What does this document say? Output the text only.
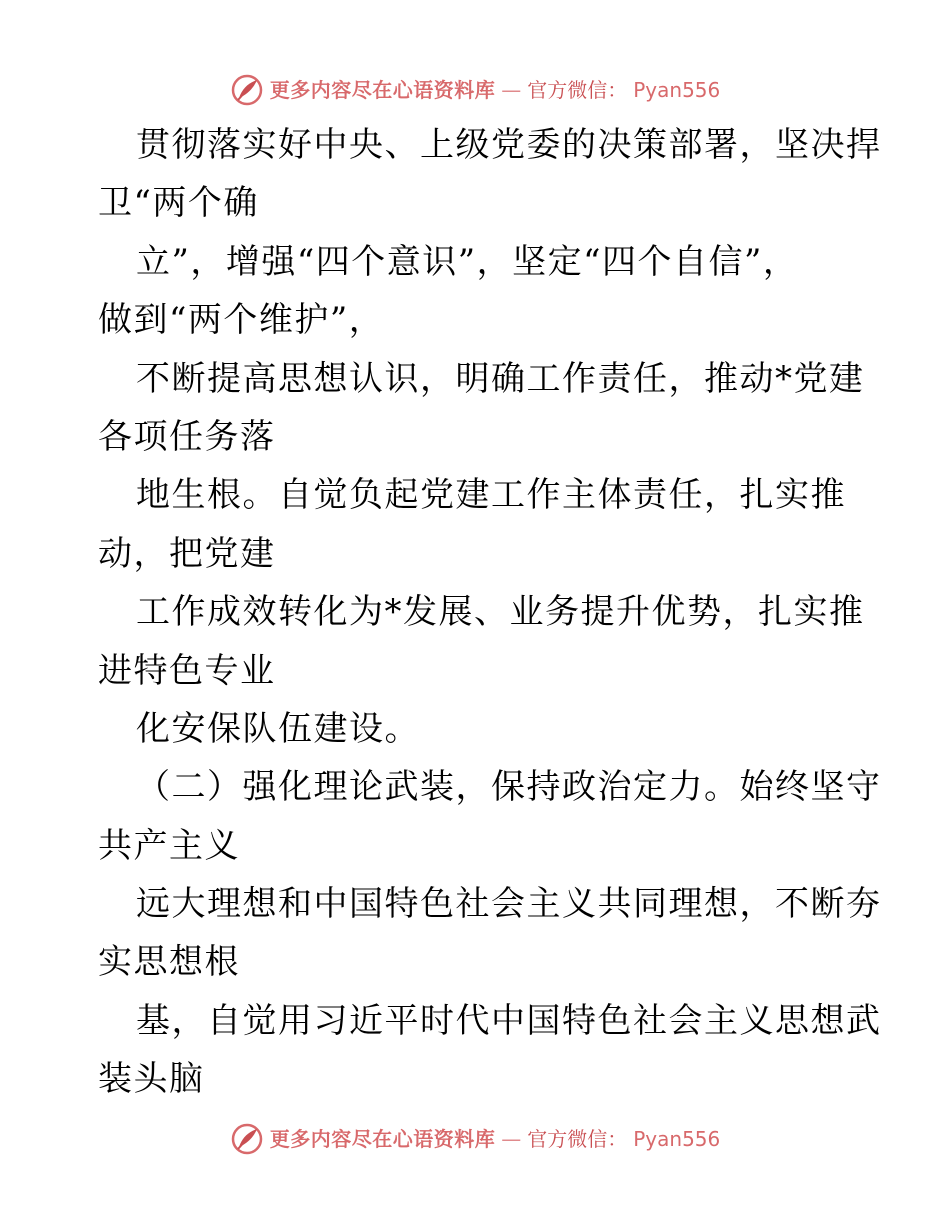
更多内容尽在心语资料库 — 官方微信： Pyan556

贯彻落实好中央、上级党委的决策部署，坚决捍

卫“两个确

立”，增强“四个意识”，坚定“四个自信”，

做到“两个维护”，

不断提高思想认识，明确工作责任，推动*党建

各项任务落

地生根。自觉负起党建工作主体责任，扎实推

动，把党建

工作成效转化为*发展、业务提升优势，扎实推

进特色专业

化安保队伍建设。

（二）强化理论武装，保持政治定力。始终坚守

共产主义

远大理想和中国特色社会主义共同理想，不断夯

实思想根

基，自觉用习近平时代中国特色社会主义思想武

装头脑

更多内容尽在心语资料库 — 官方微信： Pyan556
